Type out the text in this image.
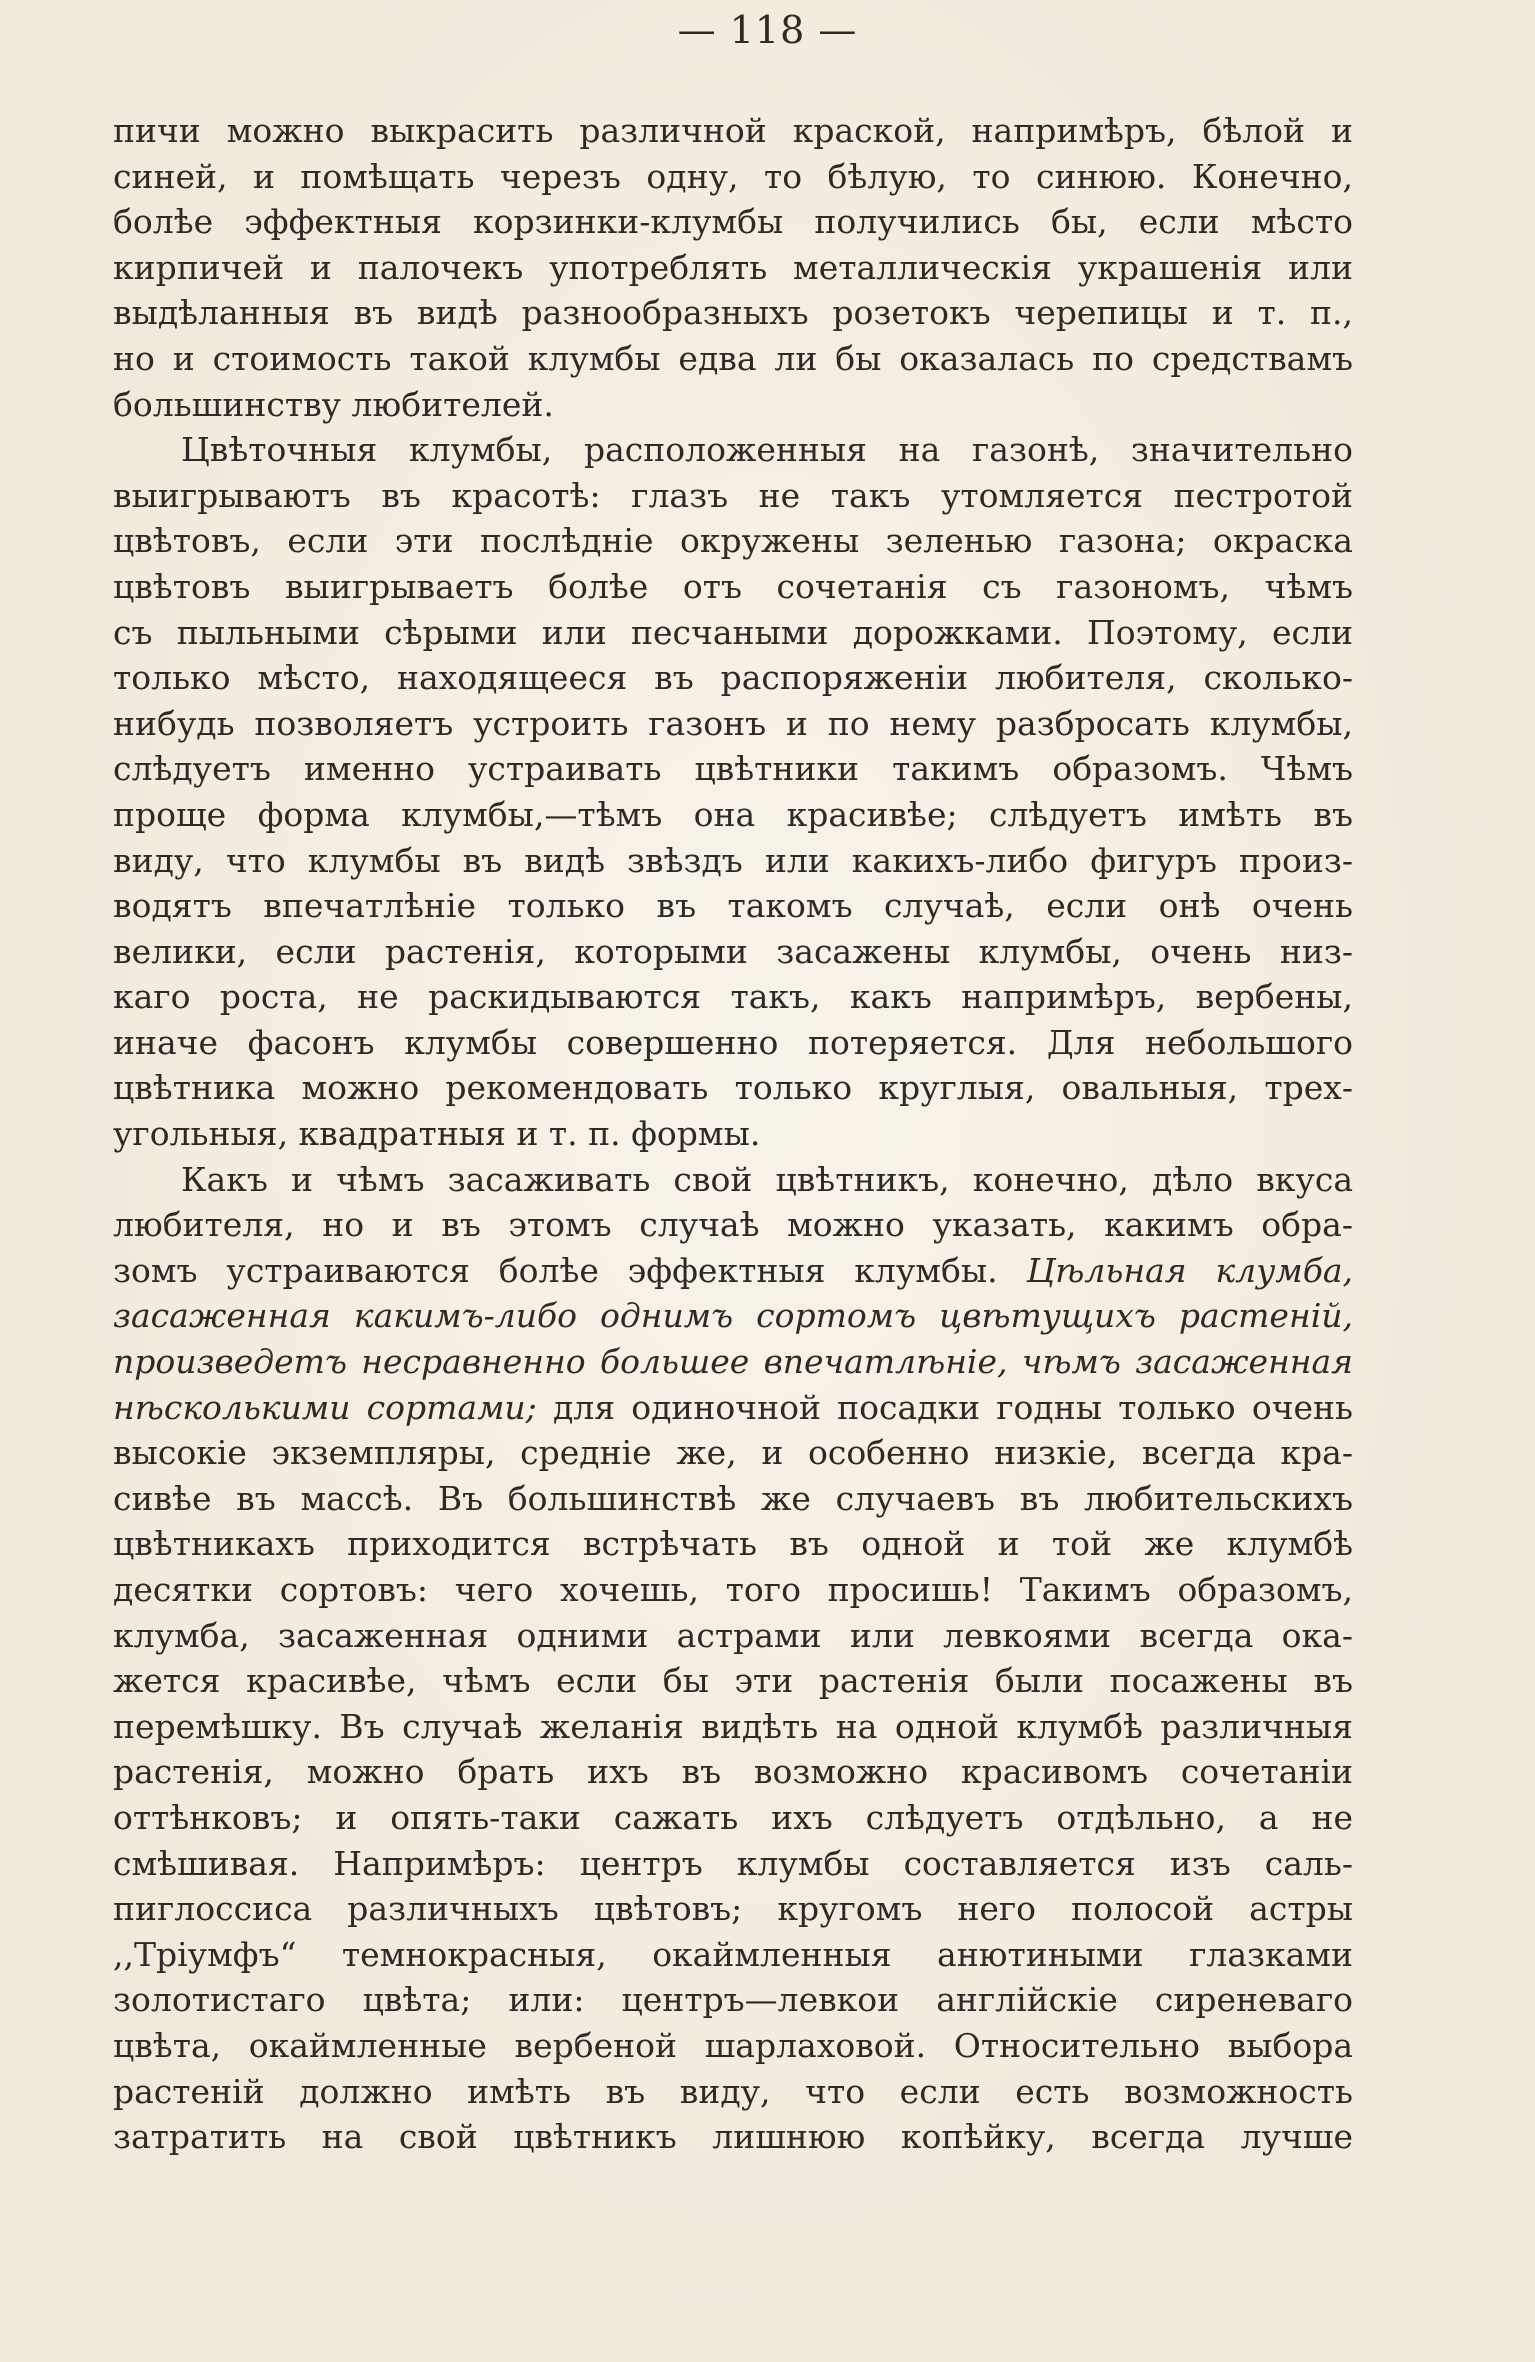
— 118 —
пичи можно выкрасить различной краской, напримѣръ, бѣлой и
синей, и помѣщать черезъ одну, то бѣлую, то синюю. Конечно,
болѣе эффектныя корзинки-клумбы получились бы, если мѣсто
кирпичей и палочекъ употреблять металлическія украшенія или
выдѣланныя въ видѣ разнообразныхъ розетокъ черепицы и т. п.,
но и стоимость такой клумбы едва ли бы оказалась по средствамъ
большинству любителей.
Цвѣточныя клумбы, расположенныя на газонѣ, значительно
выигрываютъ въ красотѣ: глазъ не такъ утомляется пестротой
цвѣтовъ, если эти послѣдніе окружены зеленью газона; окраска
цвѣтовъ выигрываетъ болѣе отъ сочетанія съ газономъ, чѣмъ
съ пыльными сѣрыми или песчаными дорожками. Поэтому, если
только мѣсто, находящееся въ распоряженіи любителя, сколько-
нибудь позволяетъ устроить газонъ и по нему разбросать клумбы,
слѣдуетъ именно устраивать цвѣтники такимъ образомъ. Чѣмъ
проще форма клумбы,—тѣмъ она красивѣе; слѣдуетъ имѣть въ
виду, что клумбы въ видѣ звѣздъ или какихъ-либо фигуръ произ-
водятъ впечатлѣніе только въ такомъ случаѣ, если онѣ очень
велики, если растенія, которыми засажены клумбы, очень низ-
каго роста, не раскидываются такъ, какъ напримѣръ, вербены,
иначе фасонъ клумбы совершенно потеряется. Для небольшого
цвѣтника можно рекомендовать только круглыя, овальныя, трех-
угольныя, квадратныя и т. п. формы.
Какъ и чѣмъ засаживать свой цвѣтникъ, конечно, дѣло вкуса
любителя, но и въ этомъ случаѣ можно указать, какимъ обра-
зомъ устраиваются болѣе эффектныя клумбы. Цѣльная клумба,
засаженная какимъ-либо однимъ сортомъ цвѣтущихъ растеній,
произведетъ несравненно большее впечатлѣніе, чѣмъ засаженная
нѣсколькими сортами; для одиночной посадки годны только очень
высокіе экземпляры, средніе же, и особенно низкіе, всегда кра-
сивѣе въ массѣ. Въ большинствѣ же случаевъ въ любительскихъ
цвѣтникахъ приходится встрѣчать въ одной и той же клумбѣ
десятки сортовъ: чего хочешь, того просишь! Такимъ образомъ,
клумба, засаженная одними астрами или левкоями всегда ока-
жется красивѣе, чѣмъ если бы эти растенія были посажены въ
перемѣшку. Въ случаѣ желанія видѣть на одной клумбѣ различныя
растенія, можно брать ихъ въ возможно красивомъ сочетаніи
оттѣнковъ; и опять-таки сажать ихъ слѣдуетъ отдѣльно, а не
смѣшивая. Напримѣръ: центръ клумбы составляется изъ саль-
пиглоссиса различныхъ цвѣтовъ; кругомъ него полосой астры
,,Тріумфъ“ темнокрасныя, окаймленныя анютиными глазками
золотистаго цвѣта; или: центръ—левкои англійскіе сиреневаго
цвѣта, окаймленные вербеной шарлаховой. Относительно выбора
растеній должно имѣть въ виду, что если есть возможность
затратить на свой цвѣтникъ лишнюю копѣйку, всегда лучше
